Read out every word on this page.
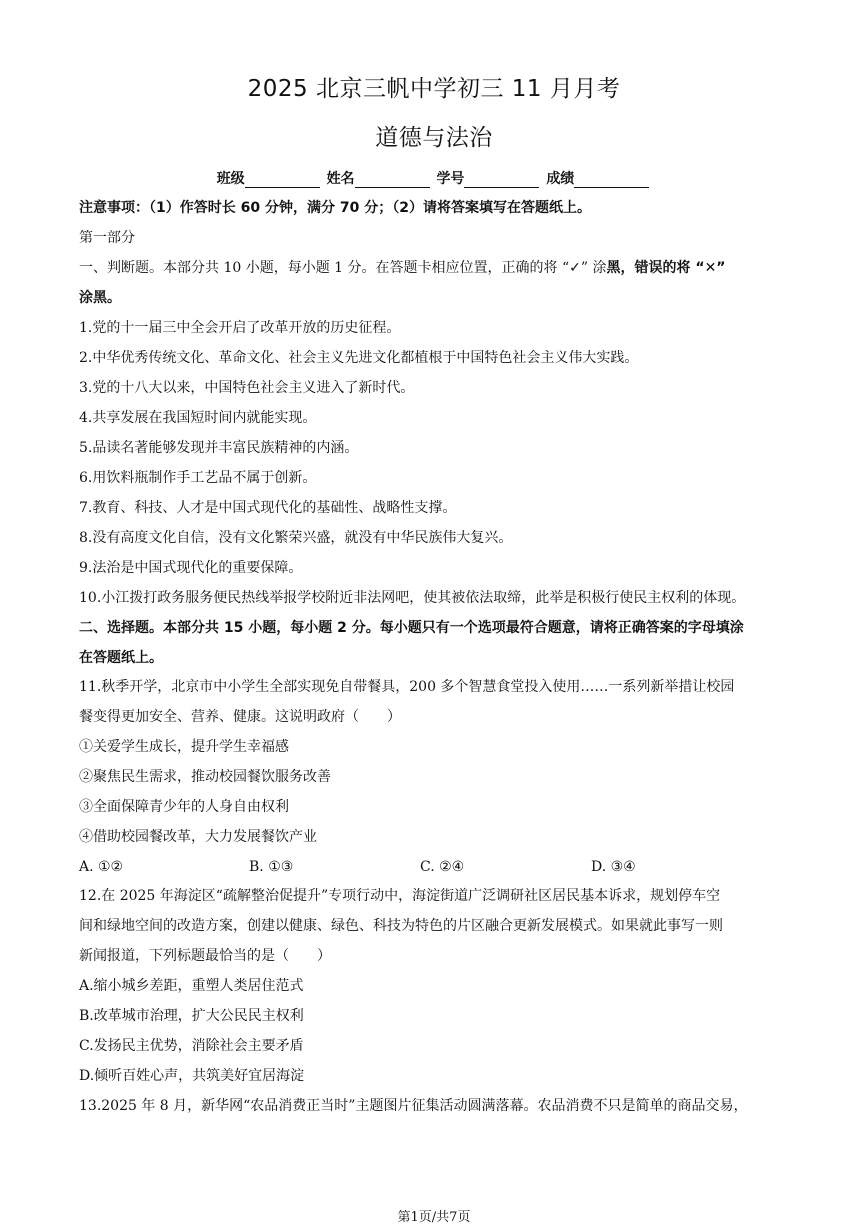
2025 北京三帆中学初三 11 月月考
道德与法治
班级	姓名	学号	成绩
注意事项：（1）作答时长 60 分钟，满分 70 分；（2）请将答案填写在答题纸上。
第一部分
一、判断题。本部分共 10 小题，每小题 1 分。在答题卡相应位置，正确的将 “✓” 涂黑，错误的将 “✕”
涂黑。
1.党的十一届三中全会开启了改革开放的历史征程。
2.中华优秀传统文化、革命文化、社会主义先进文化都植根于中国特色社会主义伟大实践。
3.党的十八大以来，中国特色社会主义进入了新时代。
4.共享发展在我国短时间内就能实现。
5.品读名著能够发现并丰富民族精神的内涵。
6.用饮料瓶制作手工艺品不属于创新。
7.教育、科技、人才是中国式现代化的基础性、战略性支撑。
8.没有高度文化自信，没有文化繁荣兴盛，就没有中华民族伟大复兴。
9.法治是中国式现代化的重要保障。
10.小江拨打政务服务便民热线举报学校附近非法网吧，使其被依法取缔，此举是积极行使民主权利的体现。
二、选择题。本部分共 15 小题，每小题 2 分。每小题只有一个选项最符合题意，请将正确答案的字母填涂
在答题纸上。
11.秋季开学，北京市中小学生全部实现免自带餐具，200 多个智慧食堂投入使用……一系列新举措让校园
餐变得更加安全、营养、健康。这说明政府（　　）
①关爱学生成长，提升学生幸福感
②聚焦民生需求，推动校园餐饮服务改善
③全面保障青少年的人身自由权利
④借助校园餐改革，大力发展餐饮产业
A. ①②	B. ①③	C. ②④	D. ③④
12.在 2025 年海淀区“疏解整治促提升”专项行动中，海淀街道广泛调研社区居民基本诉求，规划停车空
间和绿地空间的改造方案，创建以健康、绿色、科技为特色的片区融合更新发展模式。如果就此事写一则
新闻报道，下列标题最恰当的是（　　）
A.缩小城乡差距，重塑人类居住范式
B.改革城市治理，扩大公民民主权利
C.发扬民主优势，消除社会主要矛盾
D.倾听百姓心声，共筑美好宜居海淀
13.2025 年 8 月，新华网“农品消费正当时”主题图片征集活动圆满落幕。农品消费不只是简单的商品交易，
第1页/共7页
